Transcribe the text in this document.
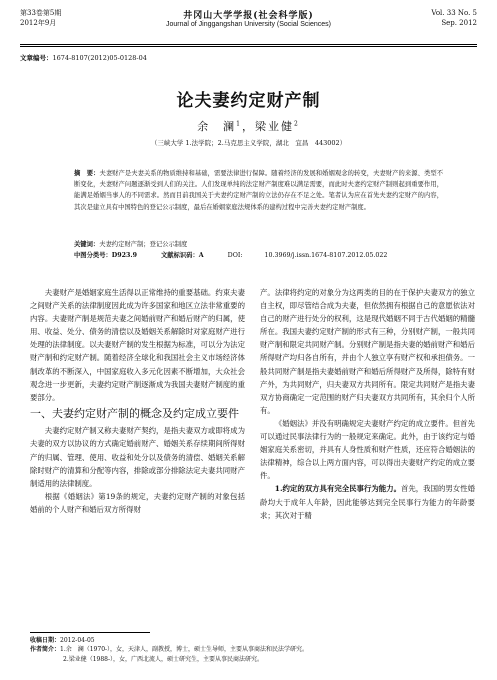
第33卷第5期
2012年9月
井冈山大学学报(社会科学版)
Journal of Jinggangshan University (Social Sciences)
Vol. 33 No. 5
Sep. 2012
文章编号：1674-8107(2012)05-0128-04
论夫妻约定财产制
余　澜$^1$，梁业健$^2$
（三峡大学 1.法学院；2.马克思主义学院，湖北　宜昌　443002）
摘　要：夫妻财产是夫妻关系的物质维持和基础，需要法律进行保障。随着经济的发展和婚姻观念的转变，夫妻财产的来源、类型不断变化，夫妻财产问题逐渐受到人们的关注。人们发现单纯的法定财产制度难以满足需要，而此时夫妻约定财产制则起到重要作用，能满足婚姻当事人的不同需求。然而目前我国关于夫妻约定财产制的立法仍存在不足之处。笔者认为应在首先夫妻约定财产的内容，其次是建立具有中国特色的登记公示制度，最后在婚姻家庭法规体系的建构过程中完善夫妻约定财产制度。
关键词：夫妻约定财产制；登记公示制度
中图分类号：D923.9	文献标识码：A	DOI:	10.3969/j.issn.1674-8107.2012.05.022

夫妻财产是婚姻家庭生活得以正常维持的重要基础。约束夫妻之间财产关系的法律制度因此成为许多国家和地区立法非常重要的内容。夫妻财产制是规范夫妻之间婚前财产和婚后财产的归属，使用、收益、处分、债务的清偿以及婚姻关系解除时对家庭财产进行处理的法律制度。以夫妻财产制的发生根据为标准，可以分为法定财产制和约定财产制。随着经济全球化和我国社会主义市场经济体制改革的不断深入，中国家庭收入多元化因素不断增加，大众社会观念进一步更新，夫妻约定财产制逐渐成为我国夫妻财产制度的重要部分。

一、夫妻约定财产制的概念及约定成立要件

夫妻约定财产制又称夫妻财产契约，是指夫妻双方或即将成为夫妻的双方以协议的方式确定婚前财产、婚姻关系存续期间所得财产的归属、管理、使用、收益和处分以及债务的清偿、婚姻关系解除时财产的清算和分配等内容，排除或部分排除法定夫妻共同财产制适用的法律制度。

根据《婚姻法》第19条的规定，夫妻约定财产制的对象包括婚前的个人财产和婚后双方所得财

产。法律将约定的对象分为这两类的目的在于保护夫妻双方的独立自主权，即尽管结合成为夫妻，但依然拥有根据自己的意愿依法对自己的财产进行处分的权利，这是现代婚姻不同于古代婚姻的精髓所在。我国夫妻约定财产制的形式有三种，分别财产制，一般共同财产制和限定共同财产制。分别财产制是指夫妻的婚前财产和婚后所得财产均归各自所有，并由个人独立享有财产权和承担债务。一般共同财产制是指夫妻婚前财产和婚后所得财产及所得，除特有财产外，为共同财产，归夫妻双方共同所有。限定共同财产是指夫妻双方协商确定一定范围的财产归夫妻双方共同所有，其余归个人所有。

《婚姻法》并没有明确规定夫妻财产约定的成立要件。但首先可以通过民事法律行为的一般规定来确定。此外，由于该约定与婚姻家庭关系密切，并具有人身性质和财产性质，还应符合婚姻法的法律精神，综合以上两方面内容，可以得出夫妻财产约定的成立要件。

1.约定的双方具有完全民事行为能力。首先，我国的男女性婚龄均大于成年人年龄，因此能够达到完全民事行为能力的年龄要求；其次对于精

收稿日期：2012-04-05
作者简介：1.余　澜（1970-），女，天津人，副教授，博士，硕士生导师，主要从事商法和民法学研究。
2.梁业健（1988-），女，广西北流人，硕士研究生，主要从事民商法研究。
